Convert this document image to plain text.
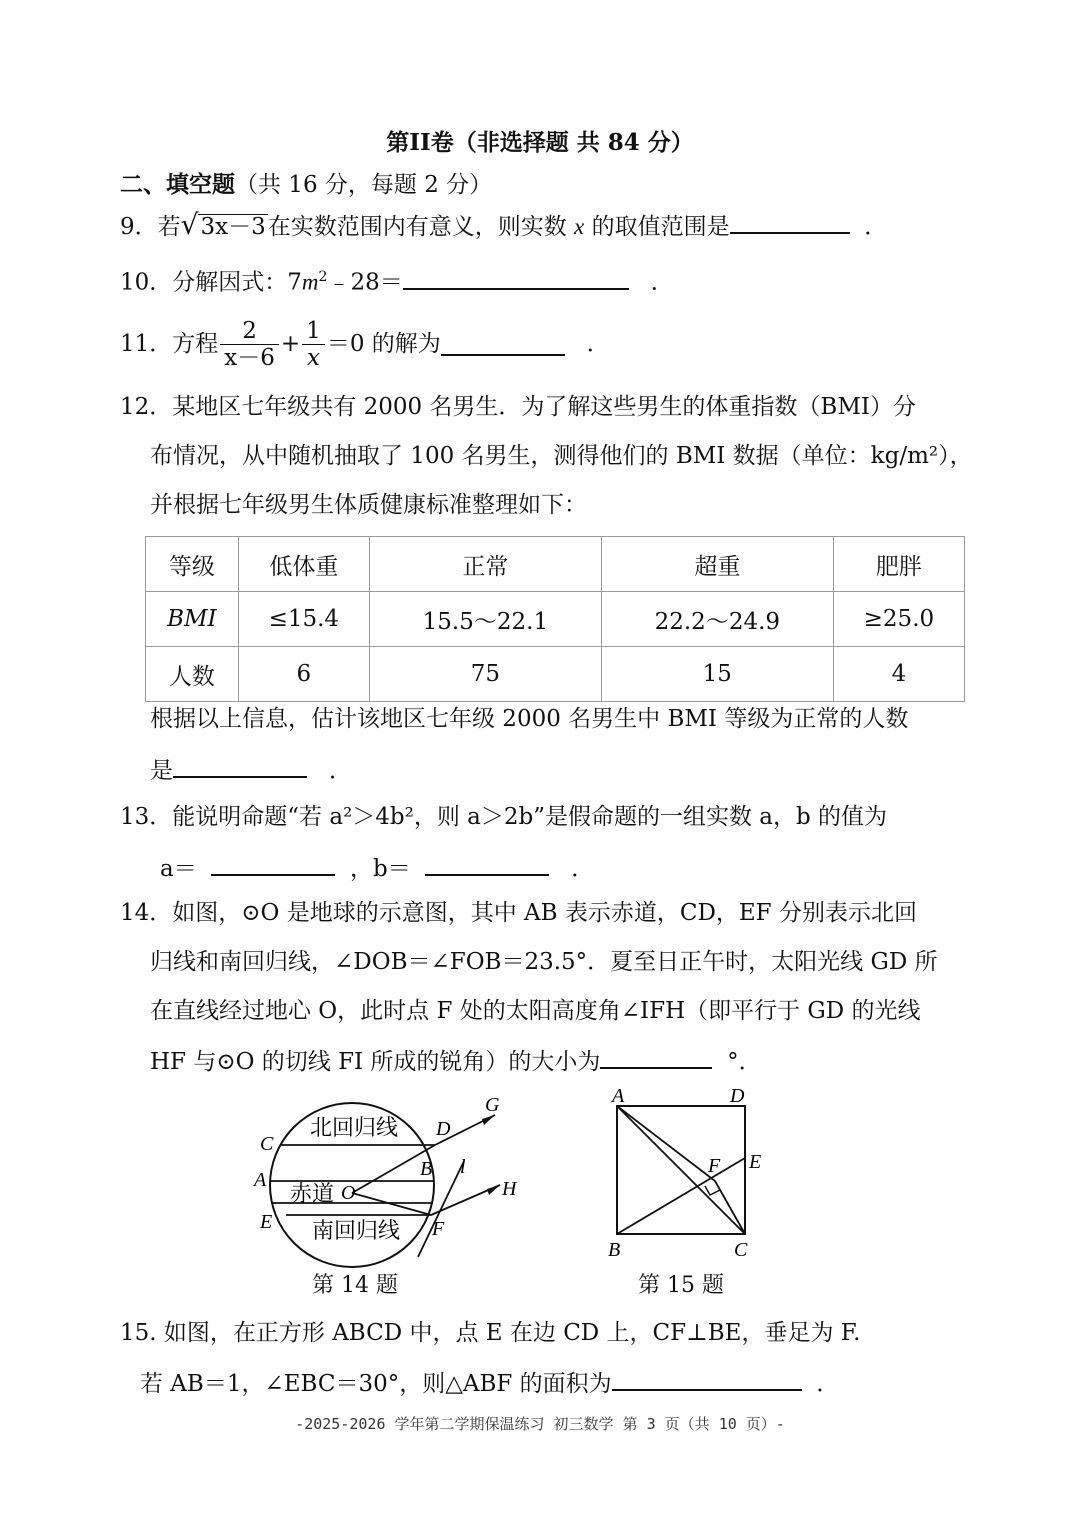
第II卷（非选择题 共 84 分）
二、填空题（共 16 分，每题 2 分）
9．若√3x－3在实数范围内有意义，则实数 x 的取值范围是	．
10．分解因式：$7m^2﹣28=$	．
11． 方程 $\frac{2}{x-6} + \frac{1}{x} =0$ 的解为
	．
12．某地区七年级共有 2000 名男生．为了解这些男生的体重指数（BMI）分
布情况，从中随机抽取了 100 名男生，测得他们的 BMI 数据（单位：kg/m²），
并根据七年级男生体质健康标准整理如下：
等级	低体重	正常	超重	肥胖
BMI	≤15.4	15.5～22.1	22.2～24.9	≥25.0
人数	6	75	15	4
根据以上信息，估计该地区七年级 2000 名男生中 BMI 等级为正常的人数
是	．
13．能说明命题“若 a²＞4b²，则 a＞2b”是假命题的一组实数 a，b 的值为
a＝	，b＝	．
14．如图，⊙O 是地球的示意图，其中 AB 表示赤道，CD，EF 分别表示北回
归线和南回归线，∠DOB＝∠FOB＝23.5°．夏至日正午时，太阳光线 GD 所
在直线经过地心 O，此时点 F 处的太阳高度角∠IFH（即平行于 GD 的光线
HF 与⊙O 的切线 FI 所成的锐角）的大小为	°．
北回归线
赤道
南回归线
C
A
E
O
B
D
F
G
H
l
第 14 题
A	D
B	C
E
F
第 15 题
15. 如图，在正方形 ABCD 中，点 E 在边 CD 上，CF⊥BE，垂足为 F.
若 AB＝1，∠EBC＝30°，则△ABF 的面积为	．
-2025-2026 学年第二学期保温练习 初三数学 第 3 页（共 10 页）-
